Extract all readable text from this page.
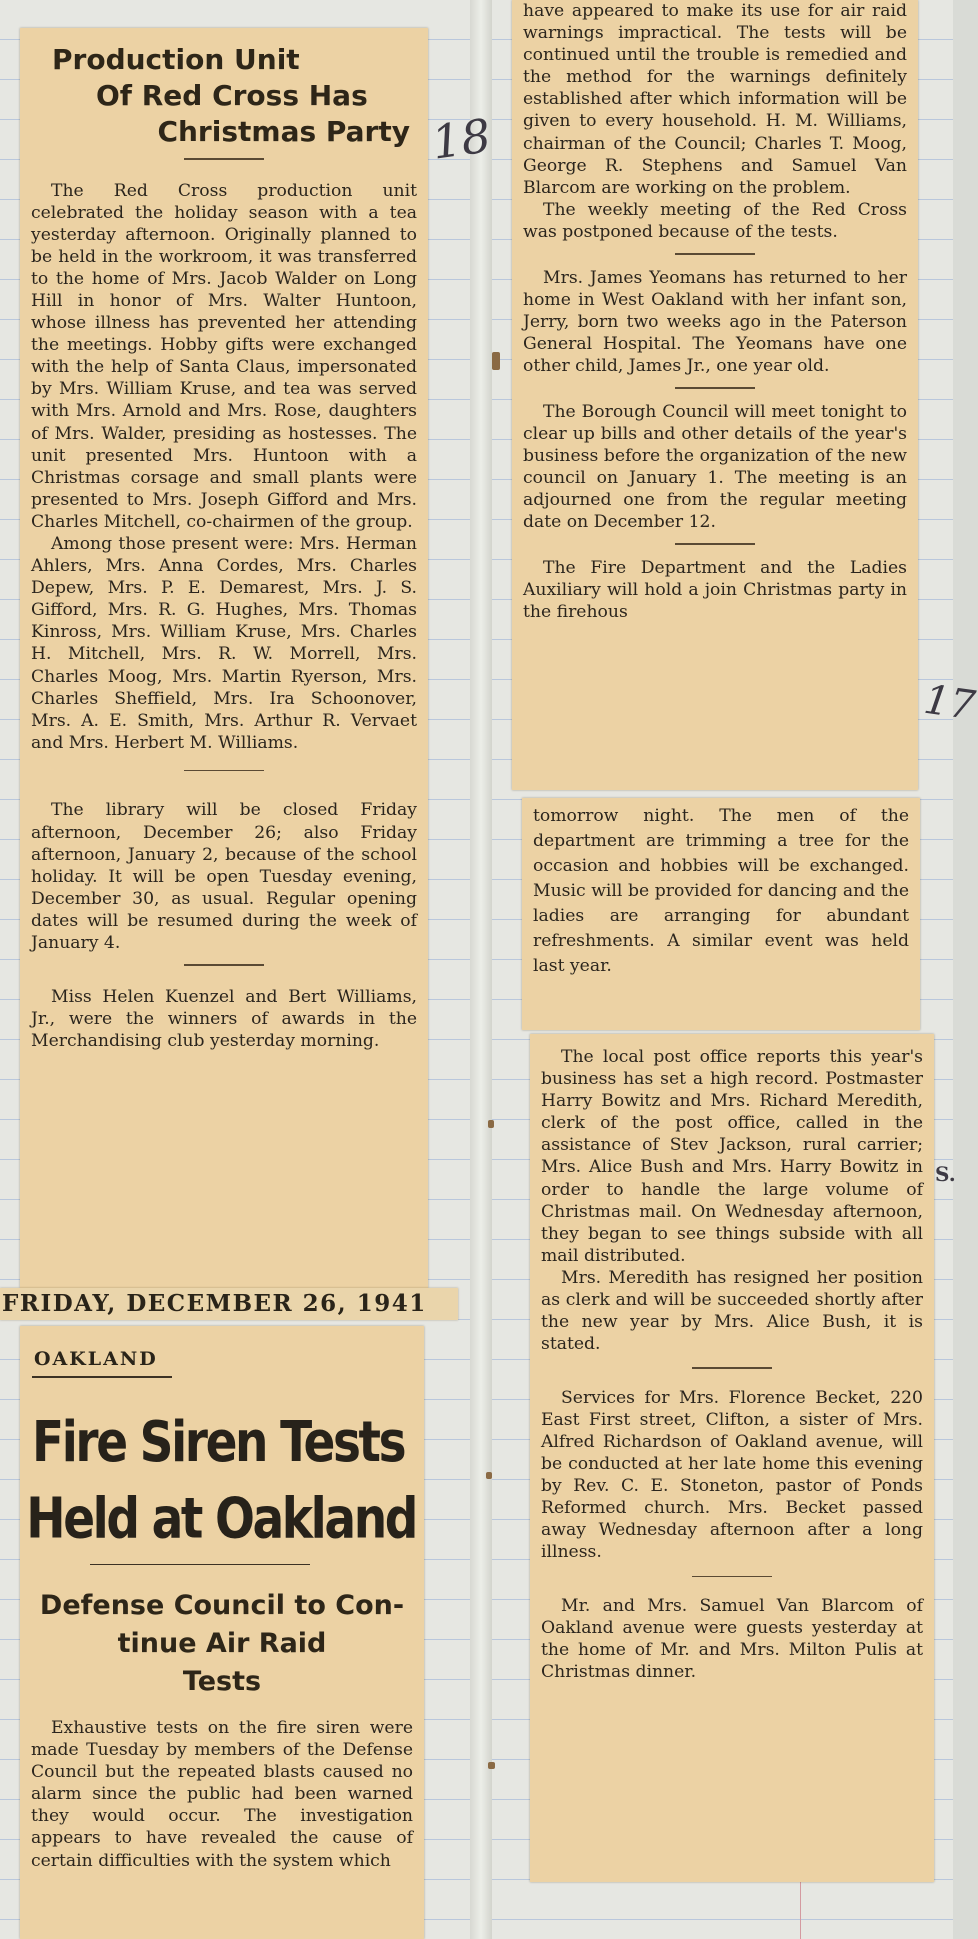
Production Unit
Of Red Cross Has
Christmas Party

The Red Cross production unit celebrated the holiday season with a tea yesterday afternoon. Originally planned to be held in the workroom, it was transferred to the home of Mrs. Jacob Walder on Long Hill in honor of Mrs. Walter Huntoon, whose illness has prevented her attending the meetings. Hobby gifts were exchanged with the help of Santa Claus, impersonated by Mrs. William Kruse, and tea was served with Mrs. Arnold and Mrs. Rose, daughters of Mrs. Walder, presiding as hostesses. The unit presented Mrs. Huntoon with a Christmas corsage and small plants were presented to Mrs. Joseph Gifford and Mrs. Charles Mitchell, co-chairmen of the group.

Among those present were: Mrs. Herman Ahlers, Mrs. Anna Cordes, Mrs. Charles Depew, Mrs. P. E. Demarest, Mrs. J. S. Gifford, Mrs. R. G. Hughes, Mrs. Thomas Kinross, Mrs. William Kruse, Mrs. Charles H. Mitchell, Mrs. R. W. Morrell, Mrs. Charles Moog, Mrs. Martin Ryerson, Mrs. Charles Sheffield, Mrs. Ira Schoonover, Mrs. A. E. Smith, Mrs. Arthur R. Vervaet and Mrs. Herbert M. Williams.

The library will be closed Friday afternoon, December 26; also Friday afternoon, January 2, because of the school holiday. It will be open Tuesday evening, December 30, as usual. Regular opening dates will be resumed during the week of January 4.

Miss Helen Kuenzel and Bert Williams, Jr., were the winners of awards in the Merchandising club yesterday morning.

FRIDAY, DECEMBER 26, 1941
OAKLAND
Fire Siren Tests
Held at Oakland
Defense Council to Con-
tinue Air Raid
Tests

Exhaustive tests on the fire siren were made Tuesday by members of the Defense Council but the repeated blasts caused no alarm since the public had been warned they would occur. The investigation appears to have revealed the cause of certain difficulties with the system which

have appeared to make its use for air raid warnings impractical. The tests will be continued until the trouble is remedied and the method for the warnings definitely established after which information will be given to every household. H. M. Williams, chairman of the Council; Charles T. Moog, George R. Stephens and Samuel Van Blarcom are working on the problem.

The weekly meeting of the Red Cross was postponed because of the tests.

Mrs. James Yeomans has returned to her home in West Oakland with her infant son, Jerry, born two weeks ago in the Paterson General Hospital. The Yeomans have one other child, James Jr., one year old.

The Borough Council will meet tonight to clear up bills and other details of the year's business before the organization of the new council on January 1. The meeting is an adjourned one from the regular meeting date on December 12.

The Fire Department and the Ladies Auxiliary will hold a join Christmas party in the firehous

tomorrow night. The men of the department are trimming a tree for the occasion and hobbies will be exchanged. Music will be provided for dancing and the ladies are arranging for abundant refreshments. A similar event was held last year.

The local post office reports this year's business has set a high record. Postmaster Harry Bowitz and Mrs. Richard Meredith, clerk of the post office, called in the assistance of Stev Jackson, rural carrier; Mrs. Alice Bush and Mrs. Harry Bowitz in order to handle the large volume of Christmas mail. On Wednesday afternoon, they began to see things subside with all mail distributed.

Mrs. Meredith has resigned her position as clerk and will be succeeded shortly after the new year by Mrs. Alice Bush, it is stated.

Services for Mrs. Florence Becket, 220 East First street, Clifton, a sister of Mrs. Alfred Richardson of Oakland avenue, will be conducted at her late home this evening by Rev. C. E. Stoneton, pastor of Ponds Reformed church. Mrs. Becket passed away Wednesday afternoon after a long illness.

Mr. and Mrs. Samuel Van Blarcom of Oakland avenue were guests yesterday at the home of Mr. and Mrs. Milton Pulis at Christmas dinner.

18
17
S.
